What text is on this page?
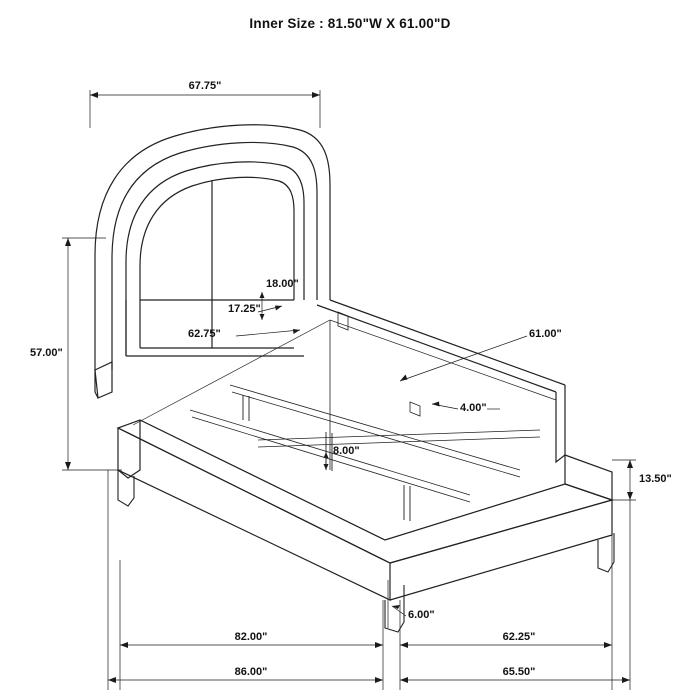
Inner Size : 81.50"W X 61.00"D
67.75"
57.00"
18.00"
17.25"
62.75"	61.00"
4.00"
8.00"
13.50"
6.00"
82.00"	62.25"
86.00"	65.50"
